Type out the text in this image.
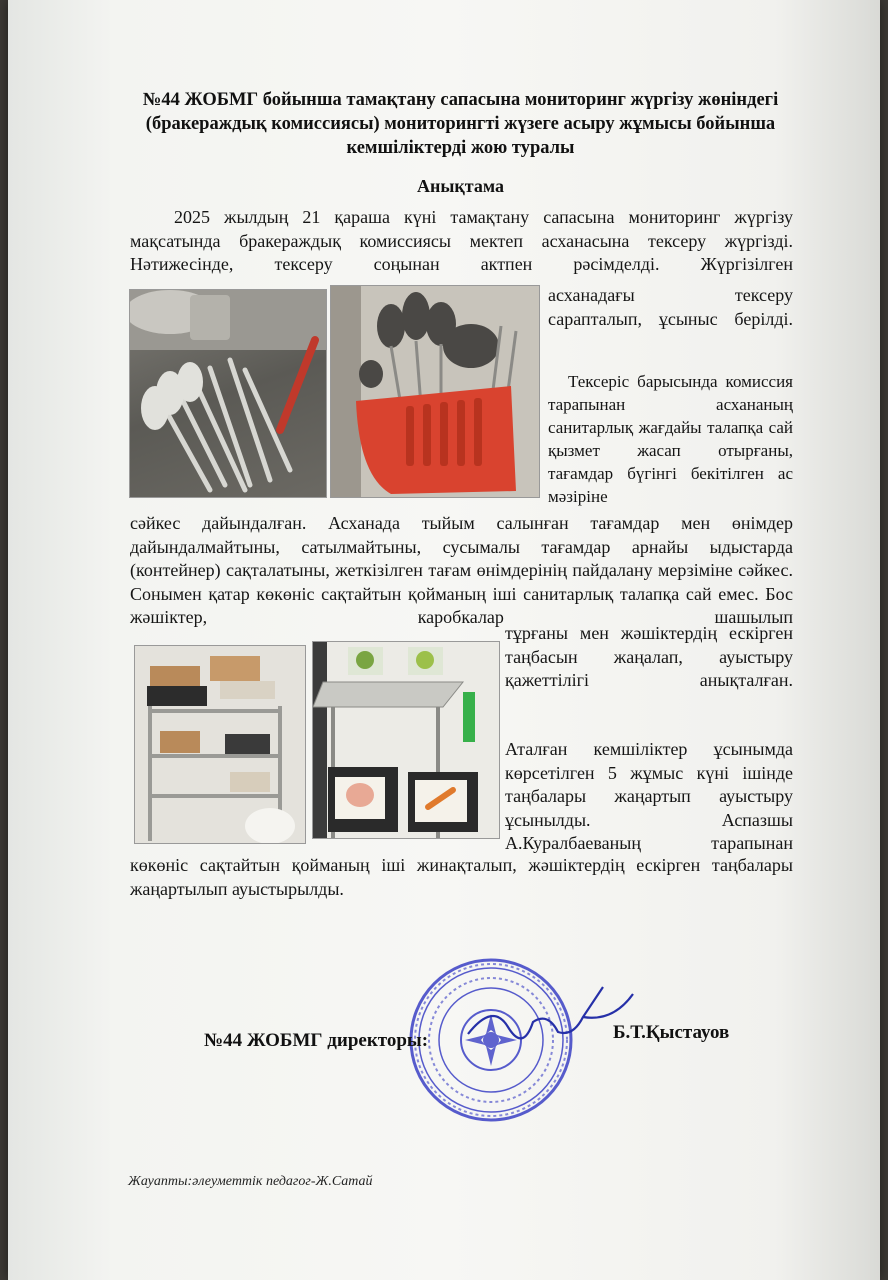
№44 ЖОБМГ бойынша тамақтану сапасына мониторинг жүргізу жөніндегі (бракераждық комиссиясы) мониторингті жүзеге асыру жұмысы бойынша кемшіліктерді жою туралы
Анықтама
2025 жылдың 21 қараша күні тамақтану сапасына мониторинг жүргізу мақсатында бракераждық комиссиясы мектеп асханасына тексеру жүргізді. Нәтижесінде, тексеру соңынан актпен рәсімделді. Жүргізілген
асханадағы тексеру сарапталып, ұсыныс берілді.
Тексеріс барысында комиссия тарапынан асхананың санитарлық жағдайы талапқа сай қызмет жасап отырғаны, тағамдар бүгінгі бекітілген ас мәзіріне
сәйкес дайындалған. Асханада тыйым салынған тағамдар мен өнімдер дайындалмайтыны, сатылмайтыны, сусымалы тағамдар арнайы ыдыстарда (контейнер) сақталатыны, жеткізілген тағам өнімдерінің пайдалану мерзіміне сәйкес. Сонымен қатар көкөніс сақтайтын қойманың іші санитарлық талапқа сай емес. Бос жәшіктер, каробкалар шашылып
тұрғаны мен жәшіктердің ескірген таңбасын жаңалап, ауыстыру қажеттілігі анықталған.
Аталған кемшіліктер ұсынымда көрсетілген 5 жұмыс күні ішінде таңбалары жаңартып ауыстыру ұсынылды. Аспазшы А.Куралбаеваның тарапынан
көкөніс сақтайтын қойманың іші жинақталып, жәшіктердің ескірген таңбалары жаңартылып ауыстырылды.
№44 ЖОБМГ директоры:	Б.Т.Қыстауов
Жауапты:әлеуметтік педагог-Ж.Сатай
